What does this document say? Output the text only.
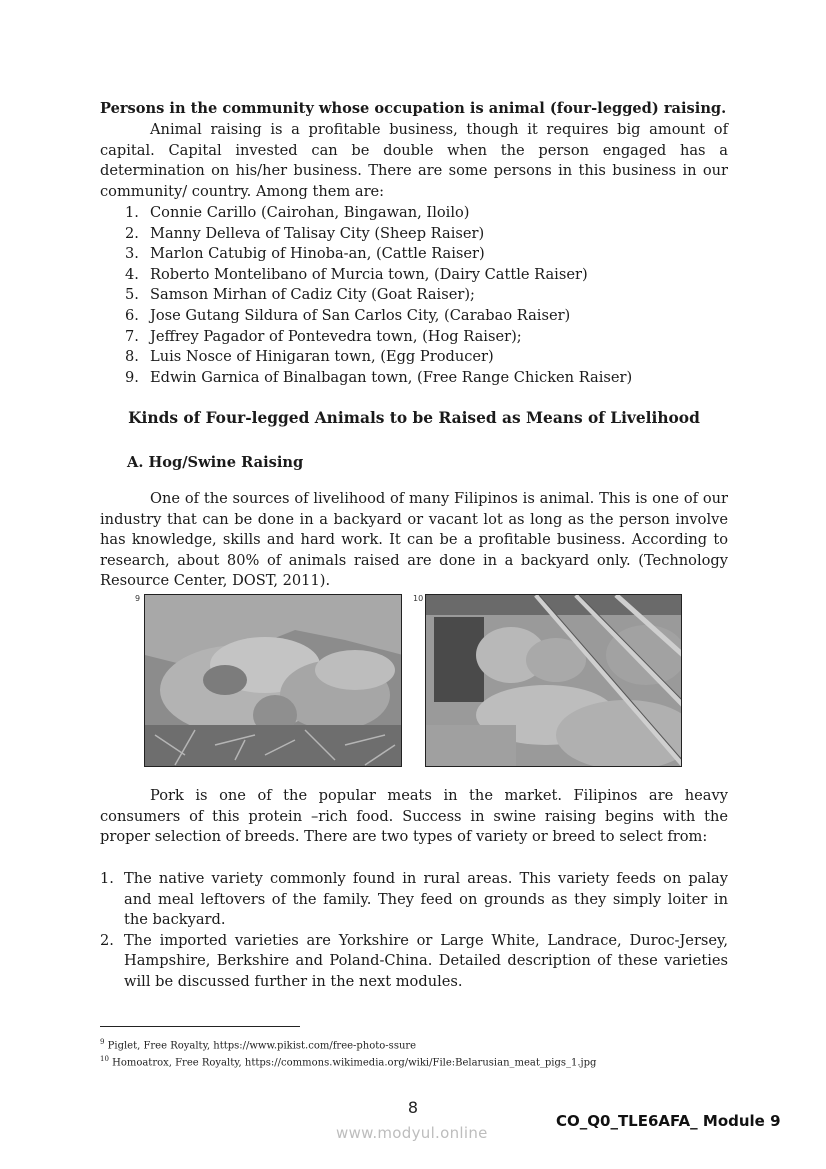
Persons in the community whose occupation is animal (four-legged) raising.
Animal raising is a profitable business, though it requires big amount of capital. Capital invested can be double when the person engaged has a determination on his/her business. There are some persons in this business in our community/ country. Among them are:
1. Connie Carillo (Cairohan, Bingawan, Iloilo)
2. Manny Delleva of Talisay City (Sheep Raiser)
3. Marlon Catubig of Hinoba-an, (Cattle Raiser)
4. Roberto Montelibano of Murcia town, (Dairy Cattle Raiser)
5. Samson Mirhan of Cadiz City (Goat Raiser);
6. Jose Gutang Sildura of San Carlos City, (Carabao Raiser)
7. Jeffrey Pagador of Pontevedra town, (Hog Raiser);
8. Luis Nosce of Hinigaran town, (Egg Producer)
9. Edwin Garnica of Binalbagan town, (Free Range Chicken Raiser)
Kinds of Four-legged Animals to be Raised as Means of Livelihood
A. Hog/Swine Raising
One of the sources of livelihood of many Filipinos is animal. This is one of our industry that can be done in a backyard or vacant lot as long as the person involve has knowledge, skills and hard work. It can be a profitable business. According to research, about 80% of animals raised are done in a backyard only. (Technology Resource Center, DOST, 2011).
9	10
Pork is one of the popular meats in the market. Filipinos are heavy consumers of this protein –rich food. Success in swine raising begins with the proper selection of breeds. There are two types of variety or breed to select from:
1. The native variety commonly found in rural areas. This variety feeds on palay and meal leftovers of the family. They feed on grounds as they simply loiter in the backyard.
2. The imported varieties are Yorkshire or Large White, Landrace, Duroc-Jersey, Hampshire, Berkshire and Poland-China. Detailed description of these varieties will be discussed further in the next modules.
$^9$ Piglet, Free Royalty, https://www.pikist.com/free-photo-ssure
$^{10}$ Homoatrox, Free Royalty, https://commons.wikimedia.org/wiki/File:Belarusian_meat_pigs_1.jpg
8
www.modyul.online
CO_Q0_TLE6AFA_ Module 9
